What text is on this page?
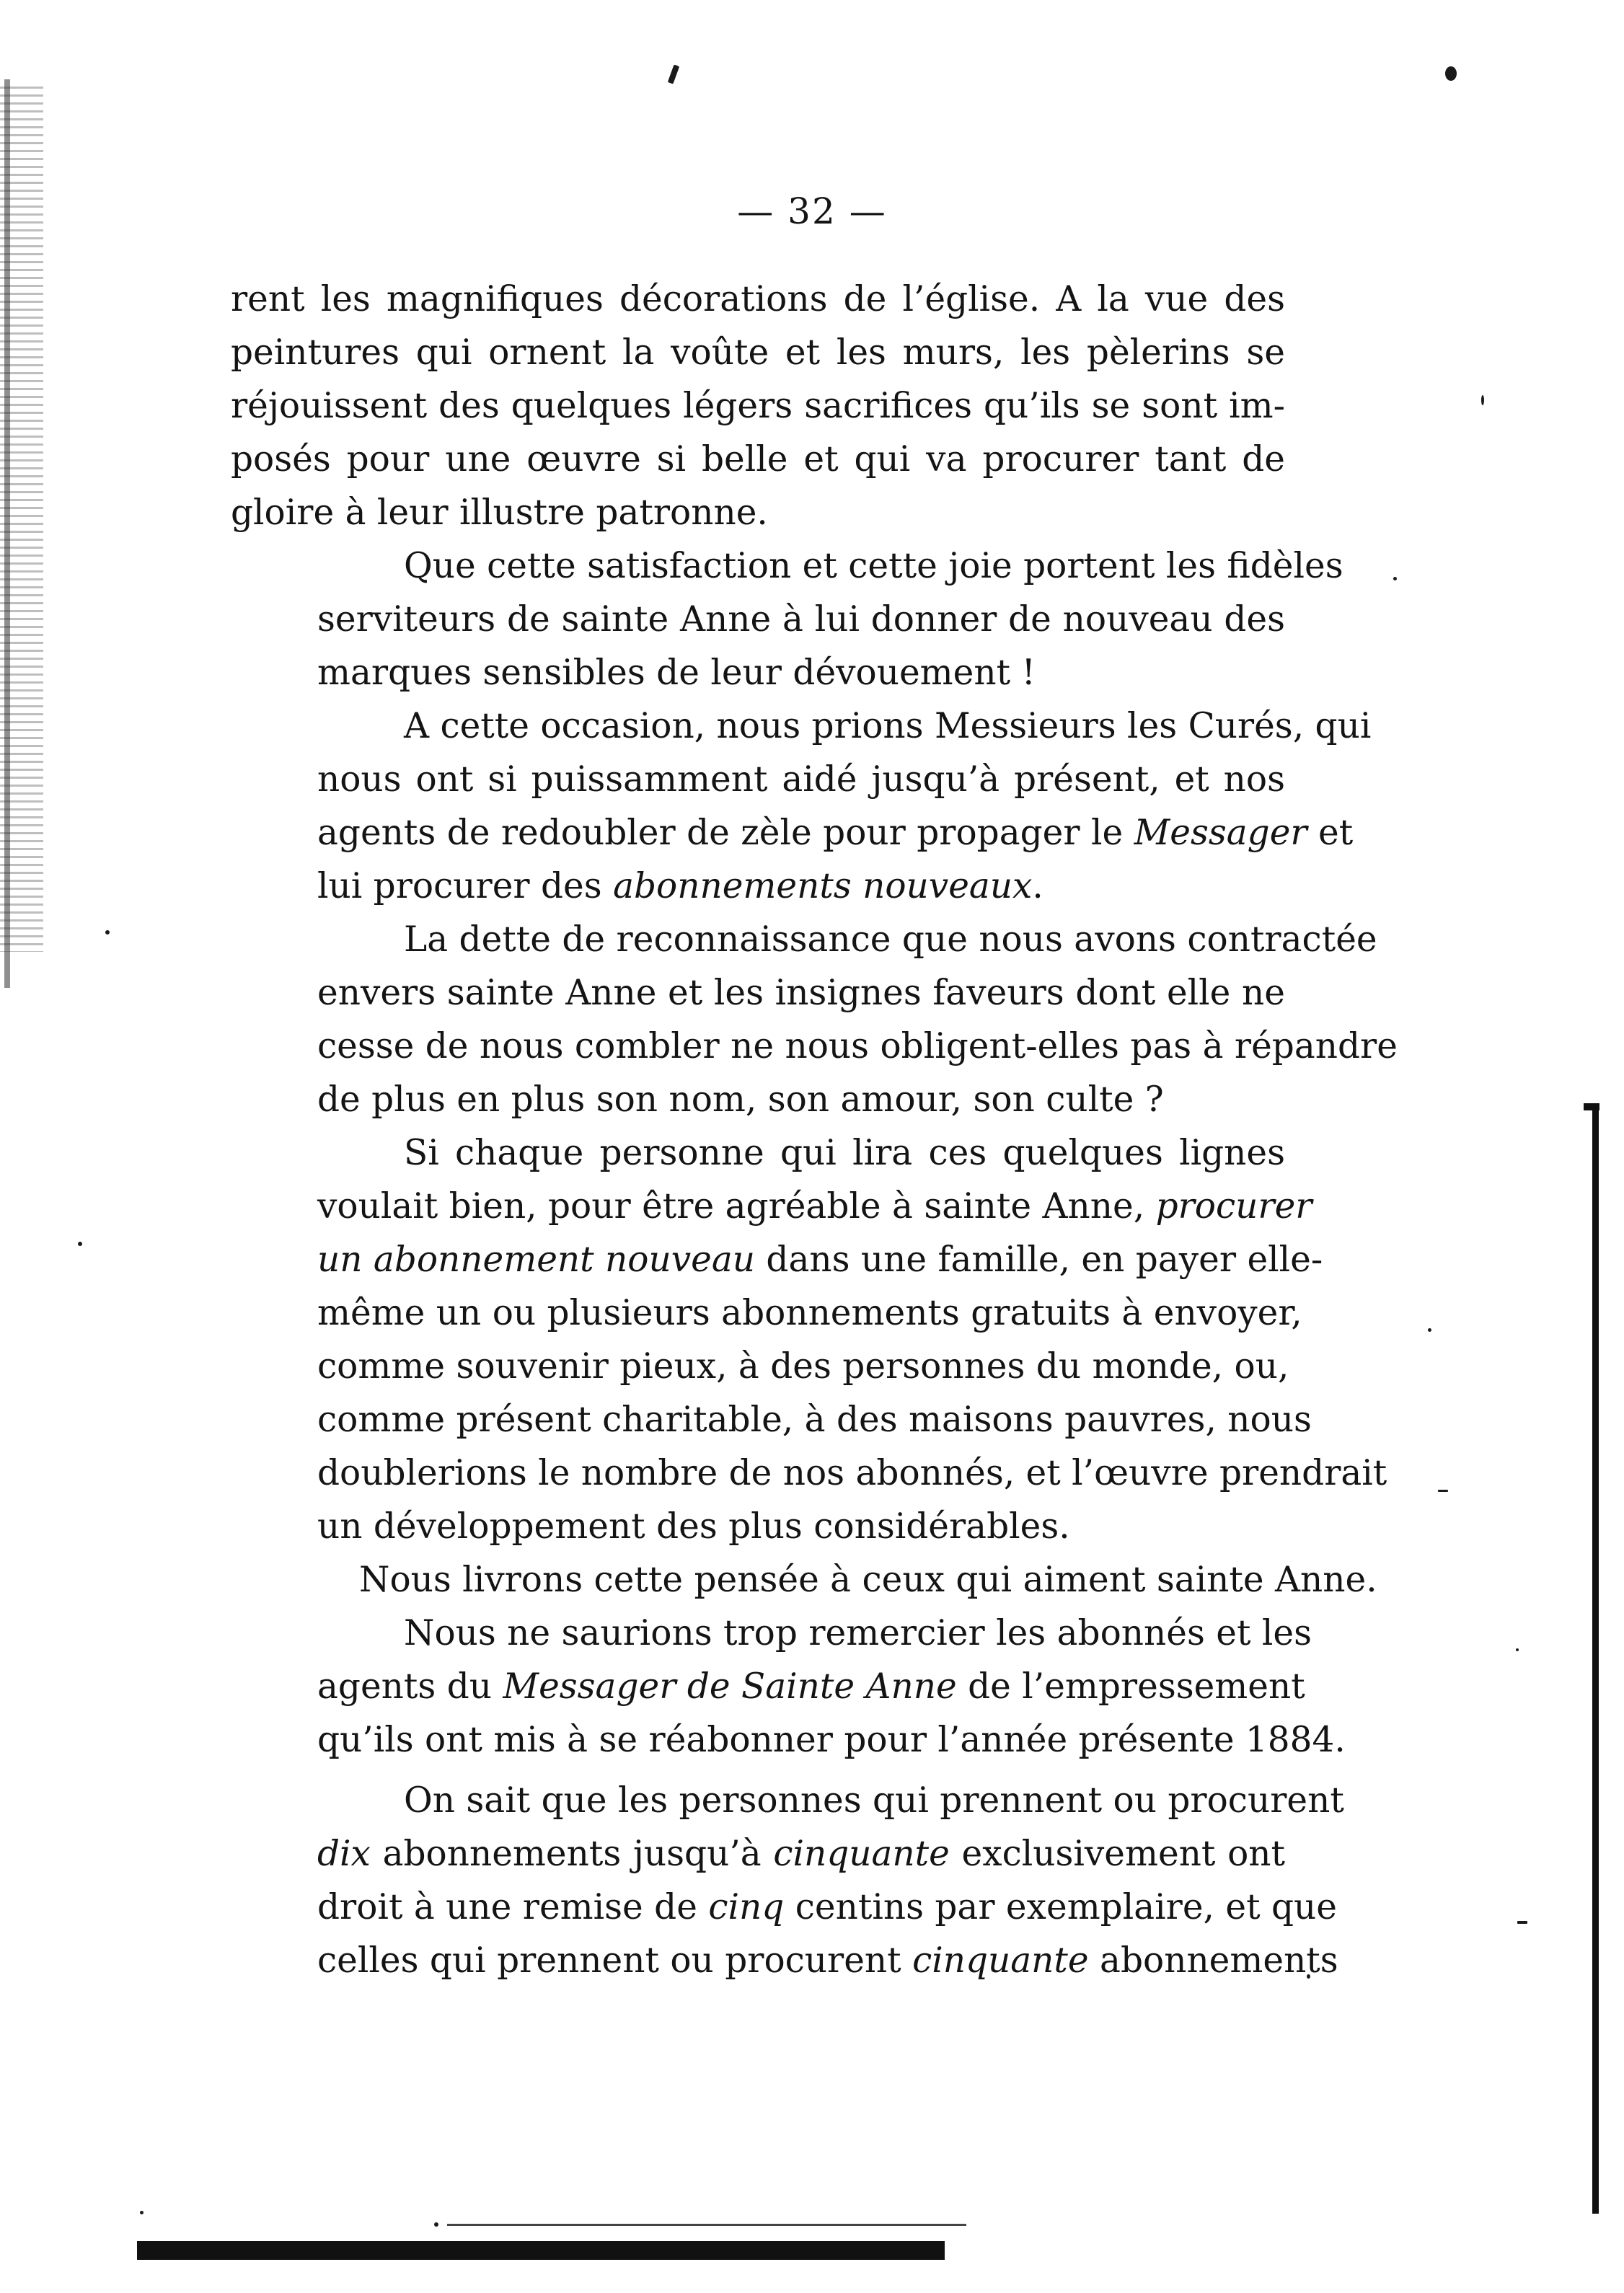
— 32 —

rent les magnifiques décorations de l’église. A la vue des
peintures qui ornent la voûte et les murs, les pèlerins se
réjouissent des quelques légers sacrifices qu’ils se sont im-
posés pour une œuvre si belle et qui va procurer tant de
gloire à leur illustre patronne.

Que cette satisfaction et cette joie portent les fidèles
serviteurs de sainte Anne à lui donner de nouveau des
marques sensibles de leur dévouement !

A cette occasion, nous prions Messieurs les Curés, qui
nous ont si puissamment aidé jusqu’à présent, et nos
agents de redoubler de zèle pour propager le Messager et
lui procurer des abonnements nouveaux.

La dette de reconnaissance que nous avons contractée
envers sainte Anne et les insignes faveurs dont elle ne
cesse de nous combler ne nous obligent-elles pas à répandre
de plus en plus son nom, son amour, son culte ?

Si chaque personne qui lira ces quelques lignes
voulait bien, pour être agréable à sainte Anne, procurer
un abonnement nouveau dans une famille, en payer elle-
même un ou plusieurs abonnements gratuits à envoyer,
comme souvenir pieux, à des personnes du monde, ou,
comme présent charitable, à des maisons pauvres, nous
doublerions le nombre de nos abonnés, et l’œuvre prendrait
un développement des plus considérables.

Nous livrons cette pensée à ceux qui aiment sainte Anne.

Nous ne saurions trop remercier les abonnés et les
agents du Messager de Sainte Anne de l’empressement
qu’ils ont mis à se réabonner pour l’année présente 1884.

On sait que les personnes qui prennent ou procurent
dix abonnements jusqu’à cinquante exclusivement ont
droit à une remise de cinq centins par exemplaire, et que
celles qui prennent ou procurent cinquante abonnements
